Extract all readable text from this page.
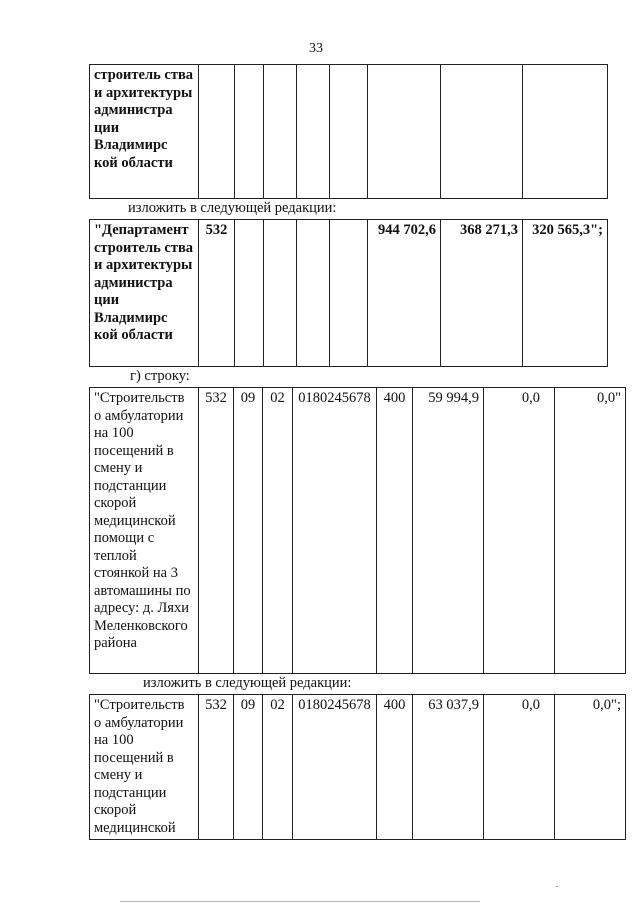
33
строитель ства и архитектуры администра ции Владимирс кой области								
изложить в следующей редакции:
"Департамент строитель ства и архитектуры администра ции Владимирс кой области	532					944 702,6	368 271,3	320 565,3";
г) строку:
"Строительств о амбулатории на 100 посещений в смену и подстанции скорой медицинской помощи с теплой стоянкой на 3 автомашины по адресу: д. Ляхи Меленковского района	532	09	02	0180245678	400	59 994,9	0,0	0,0"
изложить в следующей редакции:
"Строительств о амбулатории на 100 посещений в смену и подстанции скорой медицинской	532	09	02	0180245678	400	63 037,9	0,0	0,0";
